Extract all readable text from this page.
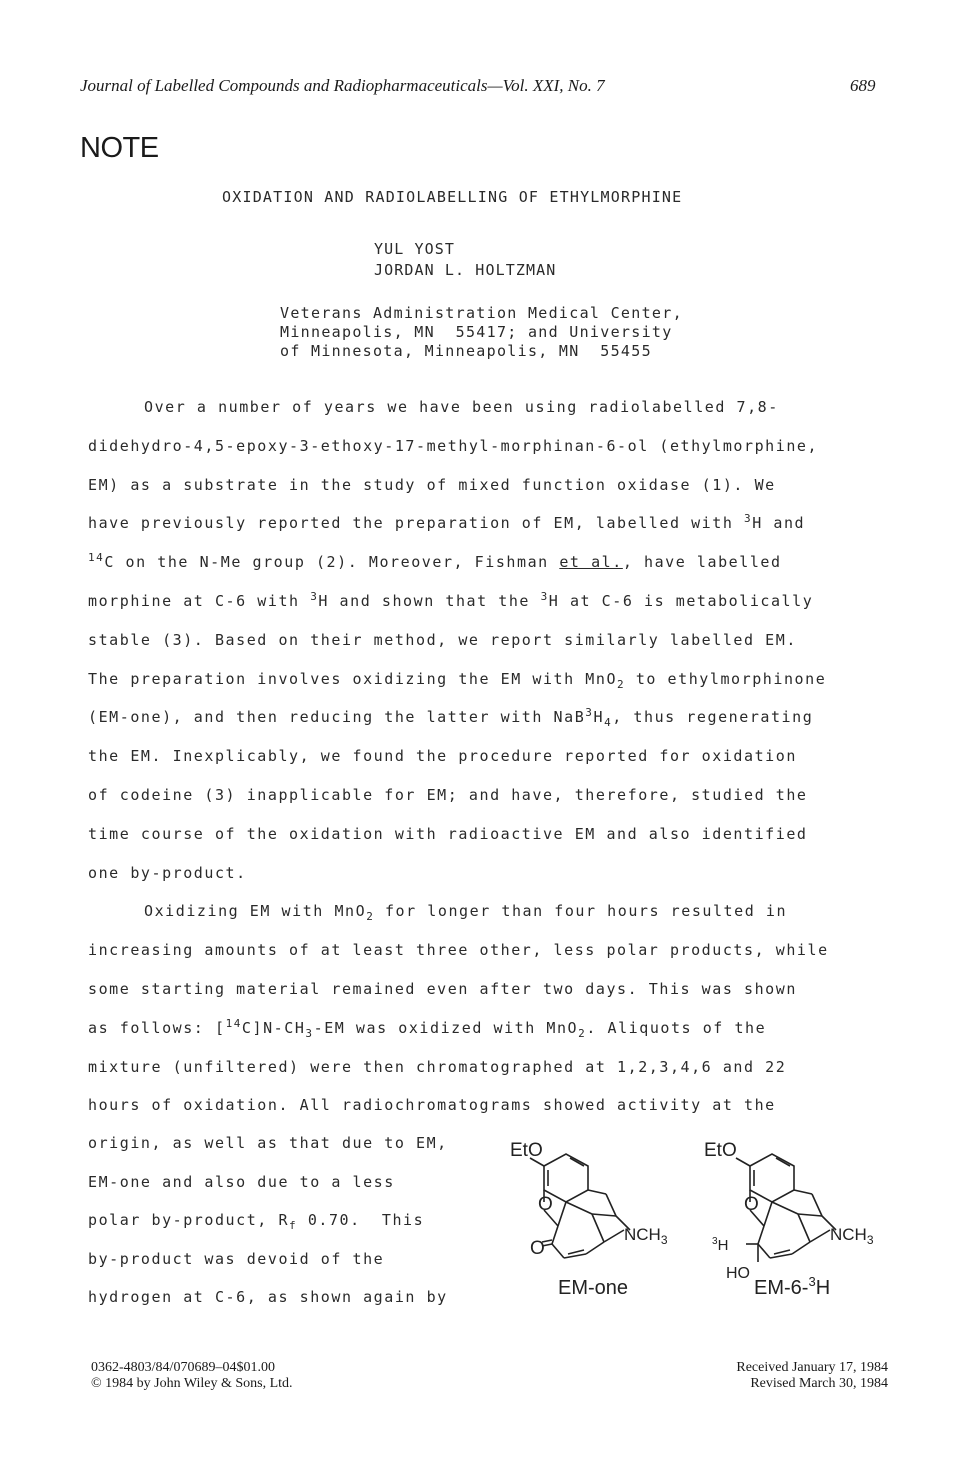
Journal of Labelled Compounds and Radiopharmaceuticals—Vol. XXI, No. 7	689
NOTE
OXIDATION AND RADIOLABELLING OF ETHYLMORPHINE
YUL YOST
JORDAN L. HOLTZMAN
Veterans Administration Medical Center,
Minneapolis, MN  55417; and University
of Minnesota, Minneapolis, MN  55455

Over a number of years we have been using radiolabelled 7,8-
didehydro-4,5-epoxy-3-ethoxy-17-methyl-morphinan-6-ol (ethylmorphine,
EM) as a substrate in the study of mixed function oxidase (1). We
have previously reported the preparation of EM, labelled with $^3$H and
$^{14}$C on the N-Me group (2). Moreover, Fishman et al., have labelled
morphine at C-6 with $^3$H and shown that the $^3$H at C-6 is metabolically
stable (3). Based on their method, we report similarly labelled EM.
The preparation involves oxidizing the EM with MnO$_2$ to ethylmorphinone
(EM-one), and then reducing the latter with $NaB^3H_4$, thus regenerating
the EM. Inexplicably, we found the procedure reported for oxidation
of codeine (3) inapplicable for EM; and have, therefore, studied the
time course of the oxidation with radioactive EM and also identified
one by-product.

Oxidizing EM with MnO$_2$ for longer than four hours resulted in
increasing amounts of at least three other, less polar products, while
some starting material remained even after two days. This was shown
as follows: $[^{14}C]N-CH_3-EM$ was oxidized with MnO$_2$. Aliquots of the
mixture (unfiltered) were then chromatographed at 1,2,3,4,6 and 22
hours of oxidation. All radiochromatograms showed activity at the

origin, as well as that due to EM,
EM-one and also due to a less
polar by-product, $R_f$ 0.70.  This
by-product was devoid of the
hydrogen at C-6, as shown again by
EtO
O
O
$NCH_3$
EM-one
EtO
O
$^3$H
HO
$NCH_3$
EM-6-$^3$H
0362-4803/84/070689–04$01.00
© 1984 by John Wiley & Sons, Ltd.
Received January 17, 1984
Revised March 30, 1984
